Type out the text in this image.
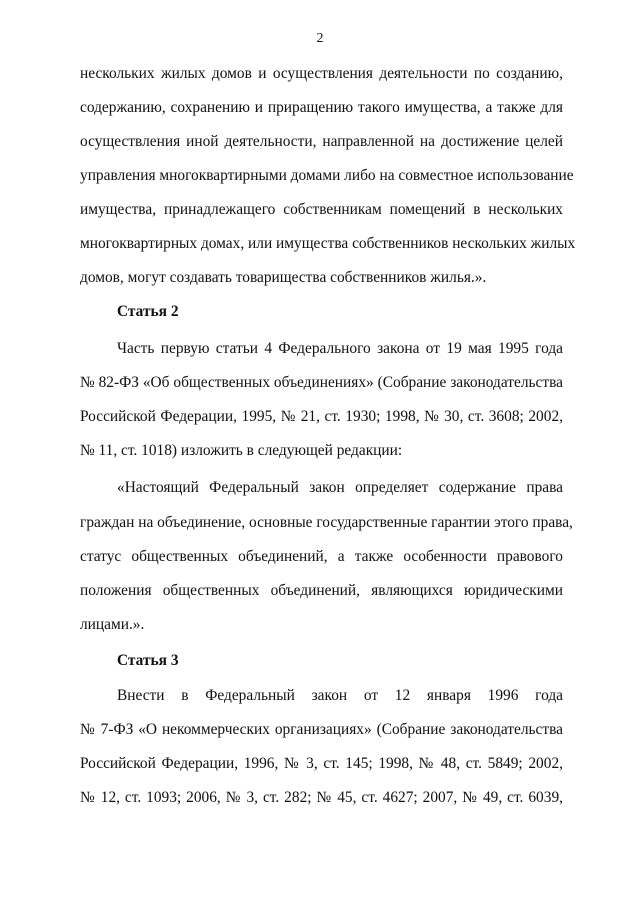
2
нескольких жилых домов и осуществления деятельности по созданию,
содержанию, сохранению и приращению такого имущества, а также для
осуществления иной деятельности, направленной на достижение целей
управления многоквартирными домами либо на совместное использование
имущества, принадлежащего собственникам помещений в нескольких
многоквартирных домах, или имущества собственников нескольких жилых
домов, могут создавать товарищества собственников жилья.».
Статья 2
Часть первую статьи 4 Федерального закона от 19 мая 1995 года
№ 82-ФЗ «Об общественных объединениях» (Собрание законодательства
Российской Федерации, 1995, № 21, ст. 1930; 1998, № 30, ст. 3608; 2002,
№ 11, ст. 1018) изложить в следующей редакции:
«Настоящий Федеральный закон определяет содержание права
граждан на объединение, основные государственные гарантии этого права,
статус общественных объединений, а также особенности правового
положения общественных объединений, являющихся юридическими
лицами.».
Статья 3
Внести в Федеральный закон от 12 января 1996 года
№ 7-ФЗ «О некоммерческих организациях» (Собрание законодательства
Российской Федерации, 1996, № 3, ст. 145; 1998, № 48, ст. 5849; 2002,
№ 12, ст. 1093; 2006, № 3, ст. 282; № 45, ст. 4627; 2007, № 49, ст. 6039,
